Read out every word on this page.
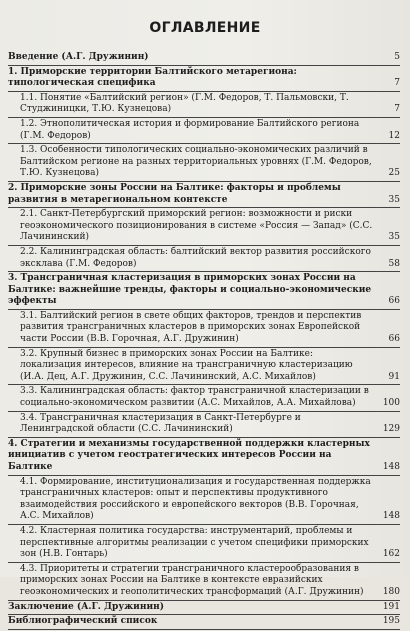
ОГЛАВЛЕНИЕ
Введение (А.Г. Дружинин)	5
1. Приморские территории Балтийского метарегиона: типологическая специфика	7
1.1. Понятие «Балтийский регион» (Г.М. Федоров, Т. Пальмовски, Т. Студжиницки, Т.Ю. Кузнецова)	7
1.2. Этнополитическая история и формирование Балтийского региона (Г.М. Федоров)	12
1.3. Особенности типологических социально-экономических различий в Балтийском регионе на разных территориальных уровнях (Г.М. Федоров, Т.Ю. Кузнецова)	25
2. Приморские зоны России на Балтике: факторы и проблемы развития в метарегиональном контексте	35
2.1. Санкт-Петербургский приморский регион: возможности и риски геоэкономического позиционирования в системе «Россия — Запад» (С.С. Лачининский)	35
2.2. Калининградская область: балтийский вектор развития российского эксклава (Г.М. Федоров)	58
3. Трансграничная кластеризация в приморских зонах России на Балтике: важнейшие тренды, факторы и социально-экономические эффекты	66
3.1. Балтийский регион в свете общих факторов, трендов и перспектив развития трансграничных кластеров в приморских зонах Европейской части России (В.В. Горочная, А.Г. Дружинин)	66
3.2. Крупный бизнес в приморских зонах России на Балтике: локализация интересов, влияние на трансграничную кластеризацию (И.А. Дец, А.Г. Дружинин, С.С. Лачининский, А.С. Михайлов)	91
3.3. Калининградская область: фактор трансграничной кластеризации в социально-экономическом развитии (А.С. Михайлов, А.А. Михайлова)	100
3.4. Трансграничная кластеризация в Санкт-Петербурге и Ленинградской области (С.С. Лачининский)	129
4. Стратегии и механизмы государственной поддержки кластерных инициатив с учетом геостратегических интересов России на Балтике	148
4.1. Формирование, институционализация и государственная поддержка трансграничных кластеров: опыт и перспективы продуктивного взаимодействия российского и европейского векторов (В.В. Горочная, А.С. Михайлов)	148
4.2. Кластерная политика государства: инструментарий, проблемы и перспективные алгоритмы реализации с учетом специфики приморских зон (Н.В. Гонтарь)	162
4.3. Приоритеты и стратегии трансграничного кластерообразования в приморских зонах России на Балтике в контексте евразийских геоэкономических и геополитических трансформаций (А.Г. Дружинин) 180
Заключение (А.Г. Дружинин)	191
Библиографический список	195
